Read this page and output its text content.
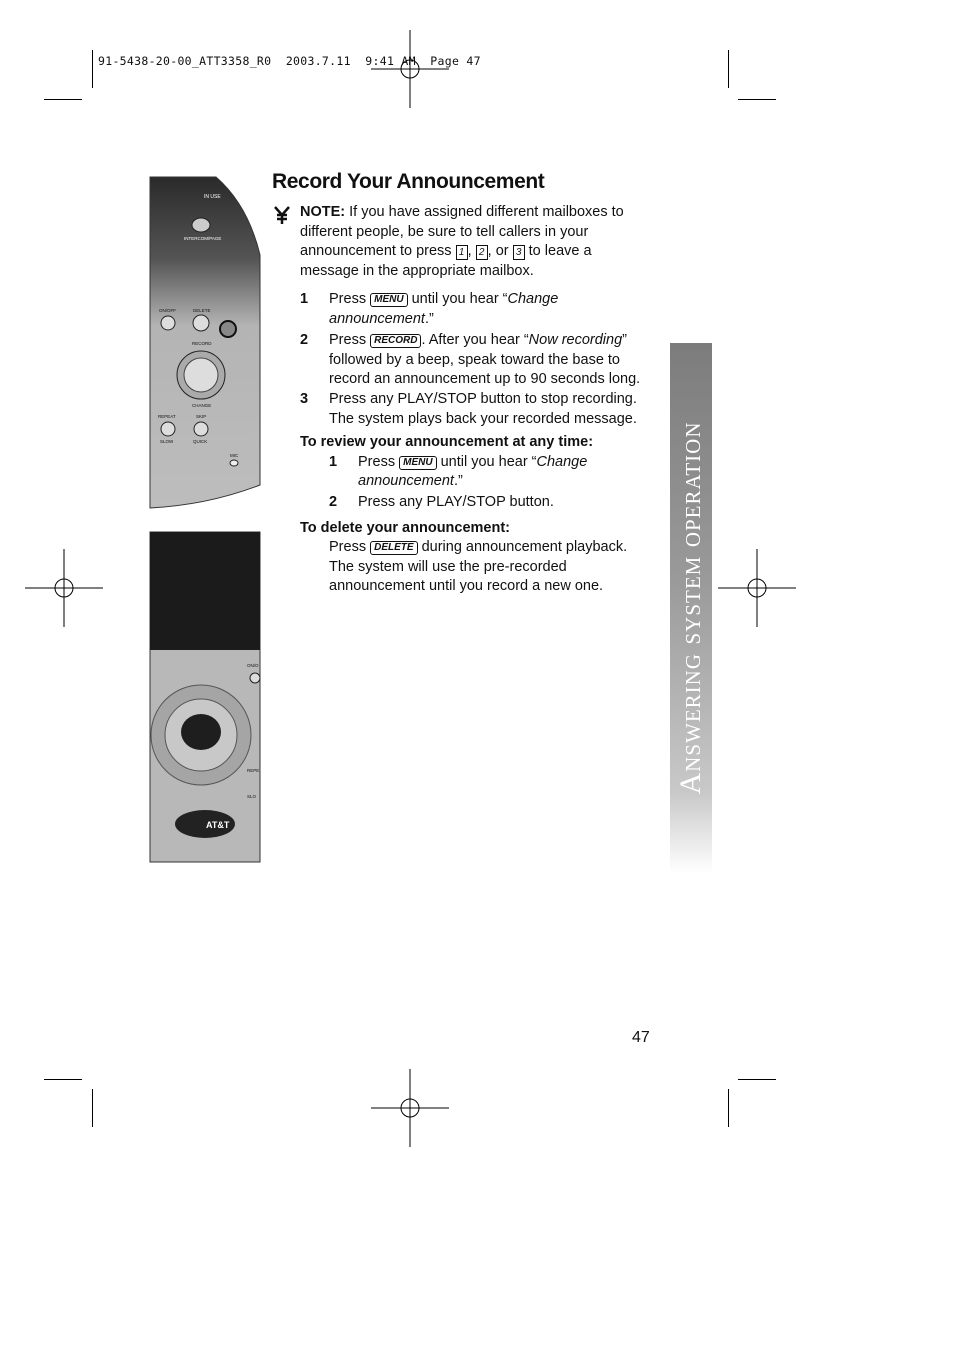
91-5438-20-00_ATT3358_R0  2003.7.11  9:41 AM  Page 47
IN USE
INTERCOM/PAGE
ON/OFF	DELETE
RECORD
CHANGE
REPEAT	SKIP
SLOW	QUICK
MIC
AT&T
ON/O
REPE
SLO
Record Your Announcement
NOTE: If you have assigned different mailboxes to
different people, be sure to tell callers in your
announcement to press 1 , 2 , or 3 to leave a
message in the appropriate mailbox.
1 Press MENU until you hear “Change
announcement.”
2 Press RECORD . After you hear “Now recording”
followed by a beep, speak toward the base to
record an announcement up to 90 seconds long.
3 Press any PLAY/STOP button to stop recording.
The system plays back your recorded message.
To review your announcement at any time:
1 Press MENU until you hear “Change
announcement.”
2 Press any PLAY/STOP button.
To delete your announcement:
Press DELETE during announcement playback.
The system will use the pre-recorded
announcement until you record a new one.	Answering system operation
47
